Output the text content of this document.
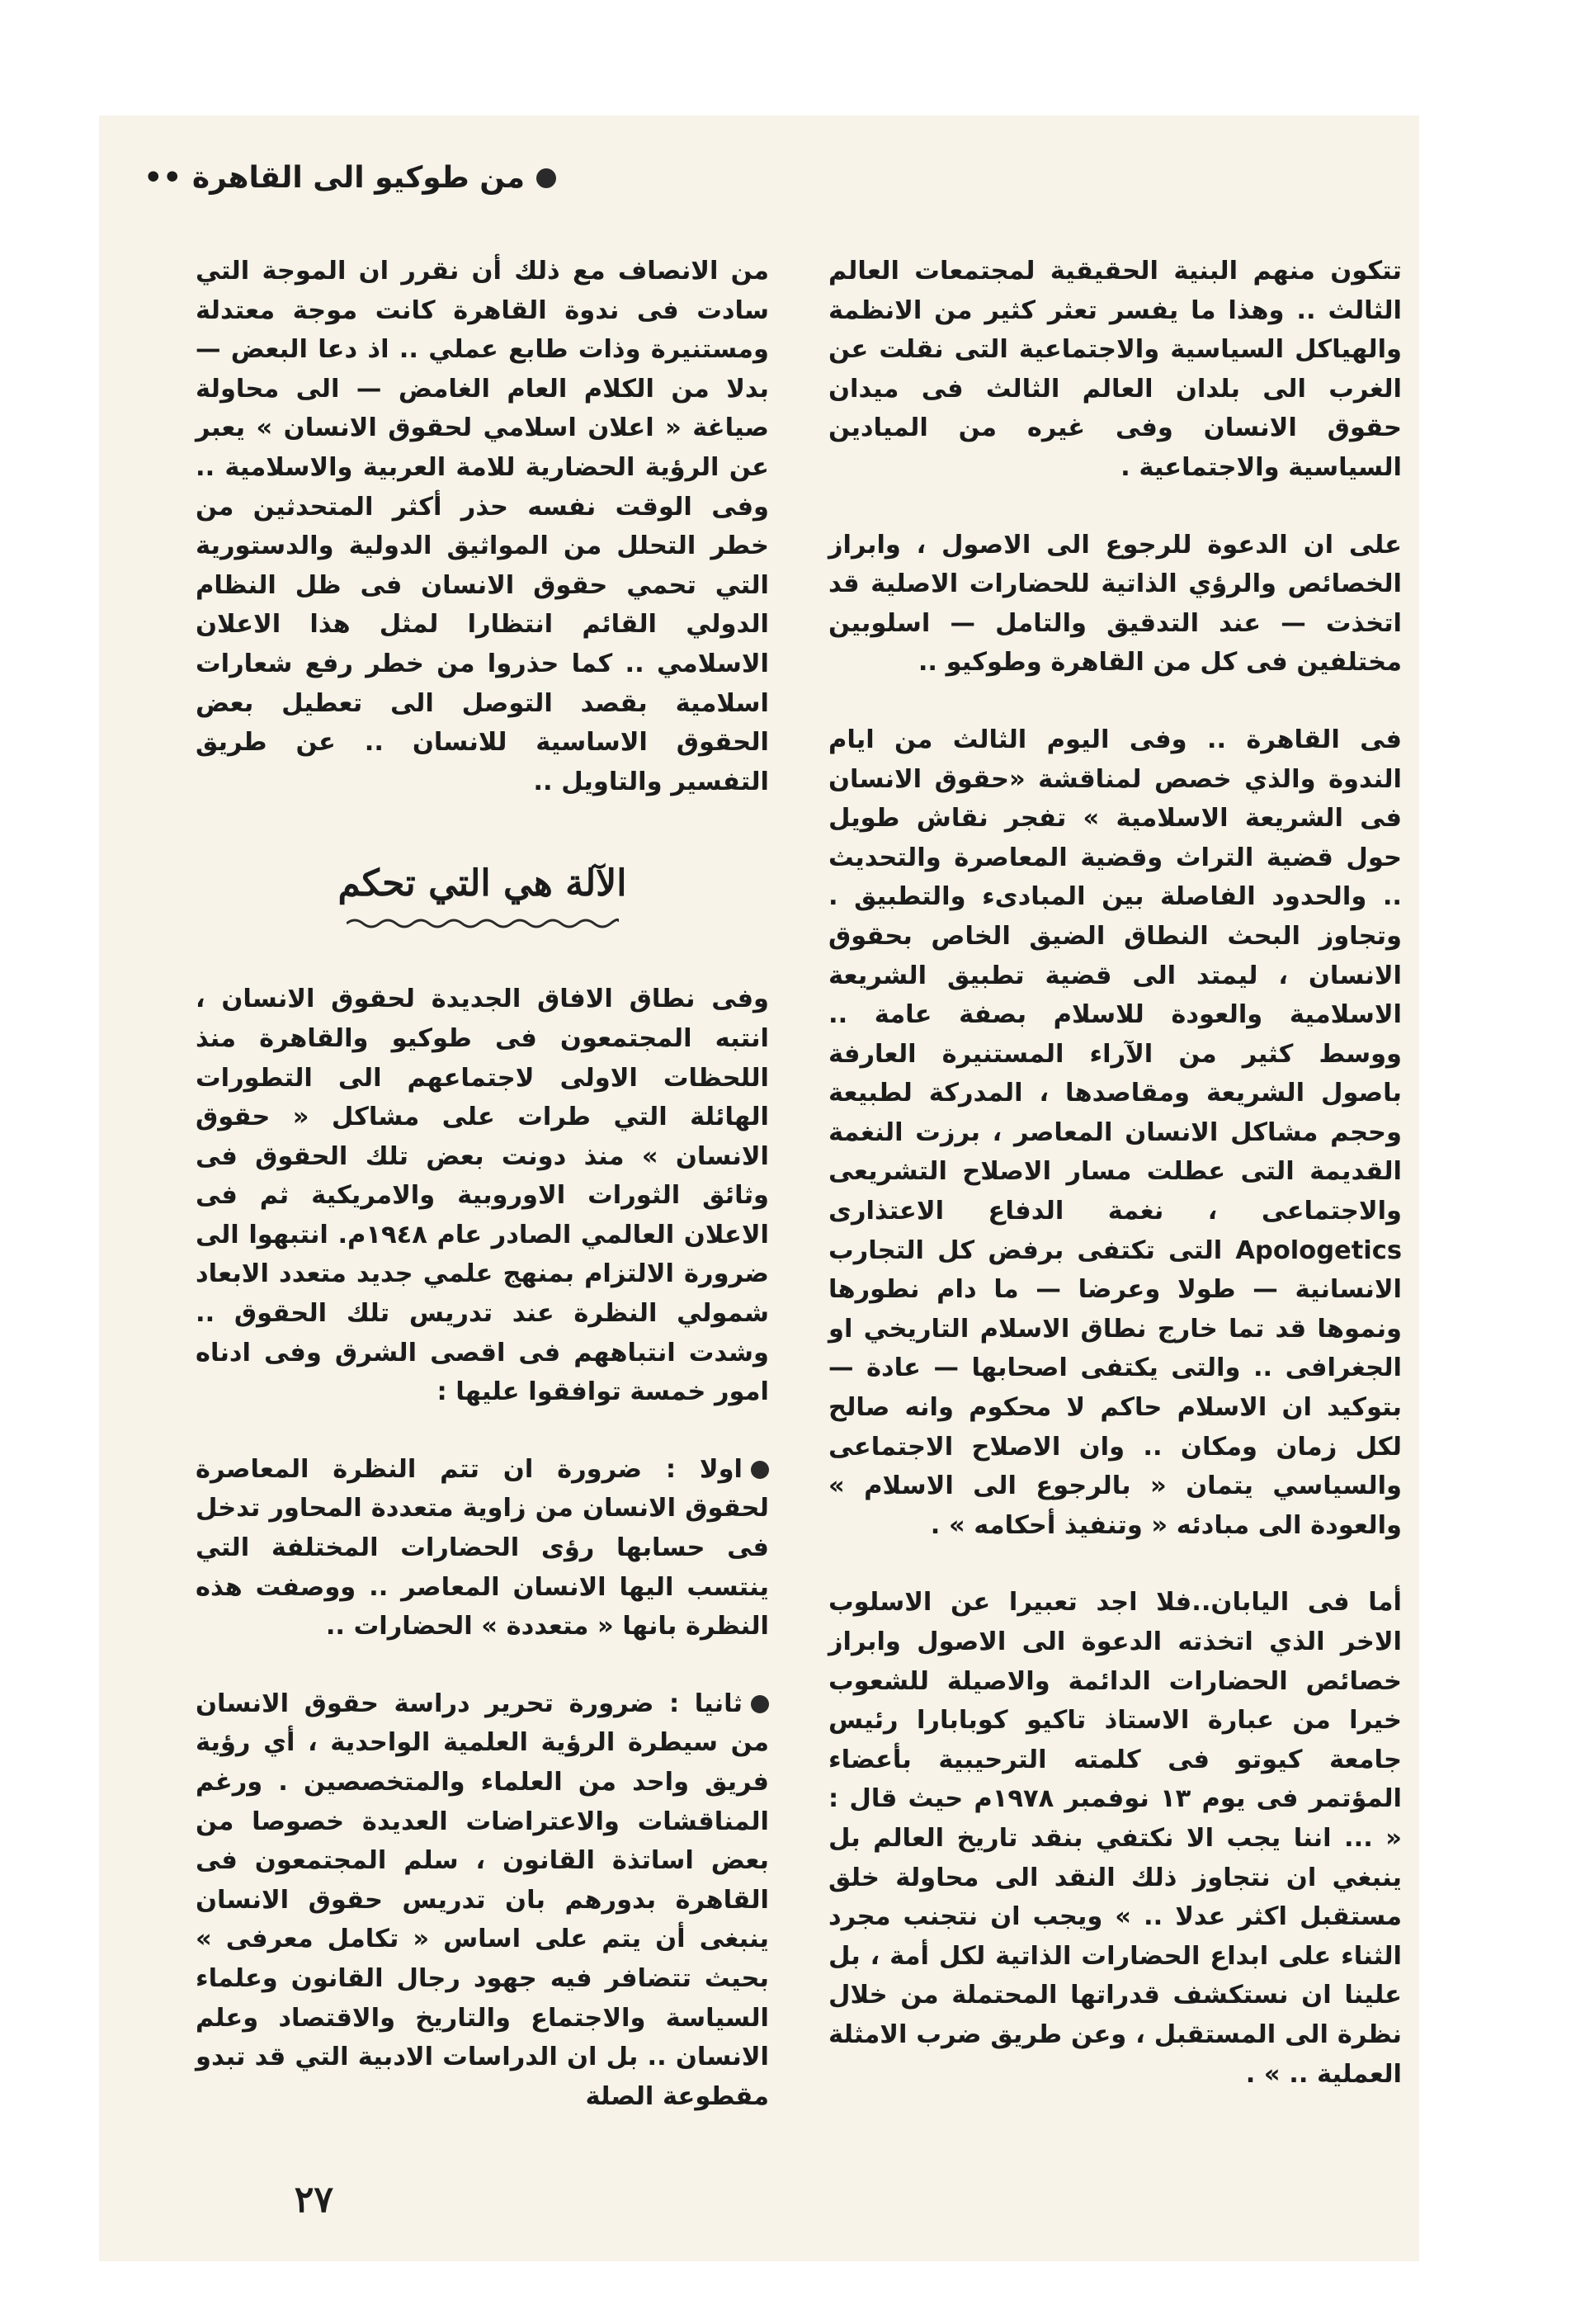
من طوكيو الى القاهرة ••

تتكون منهم البنية الحقيقية لمجتمعات العالم الثالث .. وهذا ما يفسر تعثر كثير من الانظمة والهياكل السياسية والاجتماعية التى نقلت عن الغرب الى بلدان العالم الثالث فى ميدان حقوق الانسان وفى غيره من الميادين السياسية والاجتماعية .

على ان الدعوة للرجوع الى الاصول ، وابراز الخصائص والرؤي الذاتية للحضارات الاصلية قد اتخذت — عند التدقيق والتامل — اسلوبين مختلفين فى كل من القاهرة وطوكيو ..

فى القاهرة .. وفى اليوم الثالث من ايام الندوة والذي خصص لمناقشة «حقوق الانسان فى الشريعة الاسلامية » تفجر نقاش طويل حول قضية التراث وقضية المعاصرة والتحديث .. والحدود الفاصلة بين المبادىء والتطبيق . وتجاوز البحث النطاق الضيق الخاص بحقوق الانسان ، ليمتد الى قضية تطبيق الشريعة الاسلامية والعودة للاسلام بصفة عامة .. ووسط كثير من الآراء المستنيرة العارفة باصول الشريعة ومقاصدها ، المدركة لطبيعة وحجم مشاكل الانسان المعاصر ، برزت النغمة القديمة التى عطلت مسار الاصلاح التشريعى والاجتماعى ، نغمة الدفاع الاعتذارى Apologetics التى تكتفى برفض كل التجارب الانسانية — طولا وعرضا — ما دام نطورها ونموها قد تما خارج نطاق الاسلام التاريخي او الجغرافى .. والتى يكتفى اصحابها — عادة — بتوكيد ان الاسلام حاكم لا محكوم وانه صالح لكل زمان ومكان .. وان الاصلاح الاجتماعى والسياسي يتمان « بالرجوع الى الاسلام » والعودة الى مبادئه « وتنفيذ أحكامه » .

أما فى اليابان..فلا اجد تعبيرا عن الاسلوب الاخر الذي اتخذته الدعوة الى الاصول وابراز خصائص الحضارات الدائمة والاصيلة للشعوب خيرا من عبارة الاستاذ تاكيو كوبابارا رئيس جامعة كيوتو فى كلمته الترحيبية بأعضاء المؤتمر فى يوم ١٣ نوفمبر ١٩٧٨م حيث قال : « ... اننا يجب الا نكتفي بنقد تاريخ العالم بل ينبغي ان نتجاوز ذلك النقد الى محاولة خلق مستقبل اكثر عدلا .. » ويجب ان نتجنب مجرد الثناء على ابداع الحضارات الذاتية لكل أمة ، بل علينا ان نستكشف قدراتها المحتملة من خلال نظرة الى المستقبل ، وعن طريق ضرب الامثلة العملية .. » .

من الانصاف مع ذلك أن نقرر ان الموجة التي سادت فى ندوة القاهرة كانت موجة معتدلة ومستنيرة وذات طابع عملي .. اذ دعا البعض — بدلا من الكلام العام الغامض — الى محاولة صياغة « اعلان اسلامي لحقوق الانسان » يعبر عن الرؤية الحضارية للامة العربية والاسلامية .. وفى الوقت نفسه حذر أكثر المتحدثين من خطر التحلل من المواثيق الدولية والدستورية التي تحمي حقوق الانسان فى ظل النظام الدولي القائم انتظارا لمثل هذا الاعلان الاسلامي .. كما حذروا من خطر رفع شعارات اسلامية بقصد التوصل الى تعطيل بعض الحقوق الاساسية للانسان .. عن طريق التفسير والتاويل ..

الآلة هي التي تحكم

وفى نطاق الافاق الجديدة لحقوق الانسان ، انتبه المجتمعون فى طوكيو والقاهرة منذ اللحظات الاولى لاجتماعهم الى التطورات الهائلة التي طرات على مشاكل « حقوق الانسان » منذ دونت بعض تلك الحقوق فى وثائق الثورات الاوروبية والامريكية ثم فى الاعلان العالمي الصادر عام ١٩٤٨م. انتبهوا الى ضرورة الالتزام بمنهج علمي جديد متعدد الابعاد شمولي النظرة عند تدريس تلك الحقوق .. وشدت انتباههم فى اقصى الشرق وفى ادناه امور خمسة توافقوا عليها :

اولا : ضرورة ان تتم النظرة المعاصرة لحقوق الانسان من زاوية متعددة المحاور تدخل فى حسابها رؤى الحضارات المختلفة التي ينتسب اليها الانسان المعاصر .. ووصفت هذه النظرة بانها « متعددة » الحضارات ..

ثانيا : ضرورة تحرير دراسة حقوق الانسان من سيطرة الرؤية العلمية الواحدية ، أي رؤية فريق واحد من العلماء والمتخصصين . ورغم المناقشات والاعتراضات العديدة خصوصا من بعض اساتذة القانون ، سلم المجتمعون فى القاهرة بدورهم بان تدريس حقوق الانسان ينبغى أن يتم على اساس « تكامل معرفى » بحيث تتضافر فيه جهود رجال القانون وعلماء السياسة والاجتماع والتاريخ والاقتصاد وعلم الانسان .. بل ان الدراسات الادبية التي قد تبدو مقطوعة الصلة

٢٧
